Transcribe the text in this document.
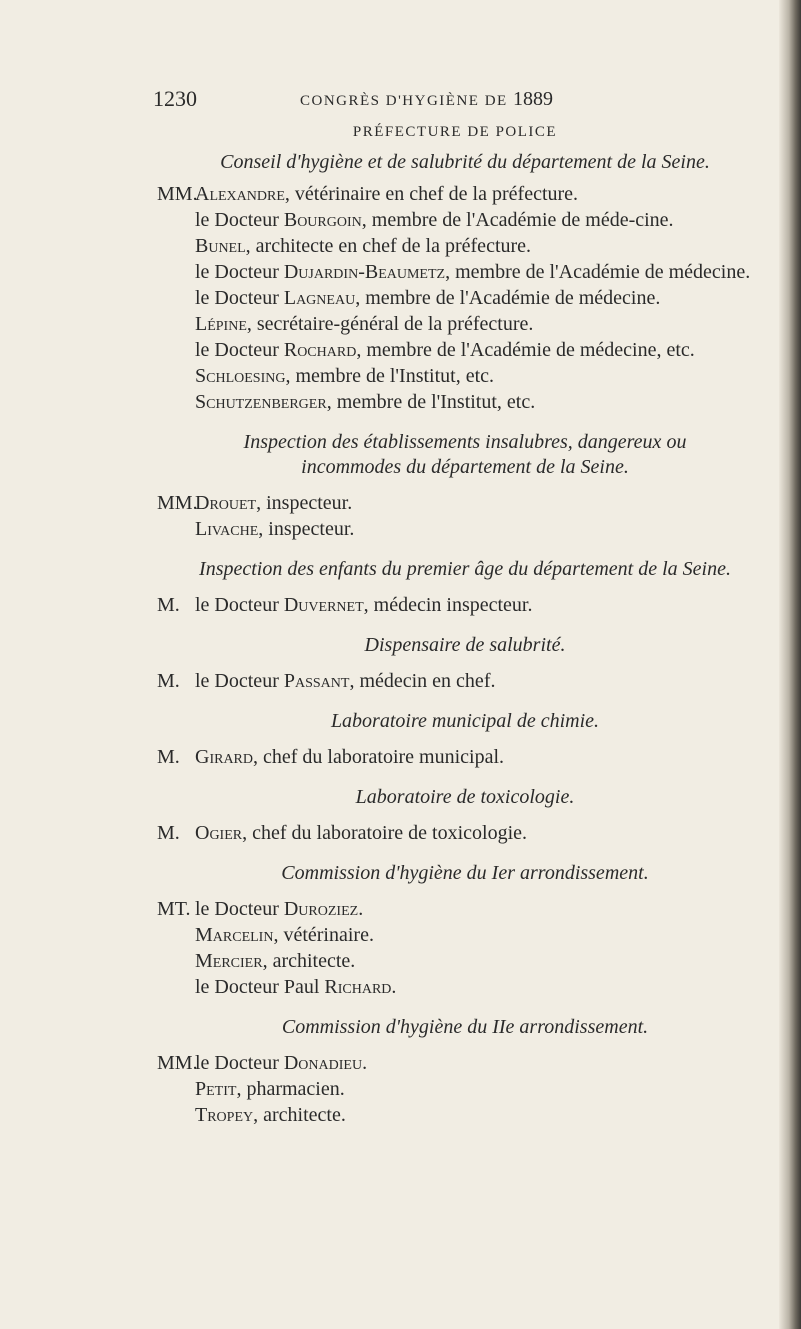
1230	CONGRÈS D'HYGIÈNE DE 1889
PRÉFECTURE DE POLICE
Conseil d'hygiène et de salubrité du département de la Seine.
MM.
Alexandre, vétérinaire en chef de la préfecture.
le Docteur Bourgoin, membre de l'Académie de méde-cine.
Bunel, architecte en chef de la préfecture.
le Docteur Dujardin-Beaumetz, membre de l'Académie de médecine.
le Docteur Lagneau, membre de l'Académie de médecine.
Lépine, secrétaire-général de la préfecture.
le Docteur Rochard, membre de l'Académie de médecine, etc.
Schloesing, membre de l'Institut, etc.
Schutzenberger, membre de l'Institut, etc.
Inspection des établissements insalubres, dangereux ou incommodes du département de la Seine.
MM.
Drouet, inspecteur.
Livache, inspecteur.
Inspection des enfants du premier âge du département de la Seine.
M. le Docteur Duvernet, médecin inspecteur.
Dispensaire de salubrité.
M. le Docteur Passant, médecin en chef.
Laboratoire municipal de chimie.
M. Girard, chef du laboratoire municipal.
Laboratoire de toxicologie.
M. Ogier, chef du laboratoire de toxicologie.
Commission d'hygiène du Ier arrondissement.
MT. le Docteur Duroziez.
Marcelin, vétérinaire.
Mercier, architecte.
le Docteur Paul Richard.
Commission d'hygiène du IIe arrondissement.
MM.
le Docteur Donadieu.
Petit, pharmacien.
Tropey, architecte.
